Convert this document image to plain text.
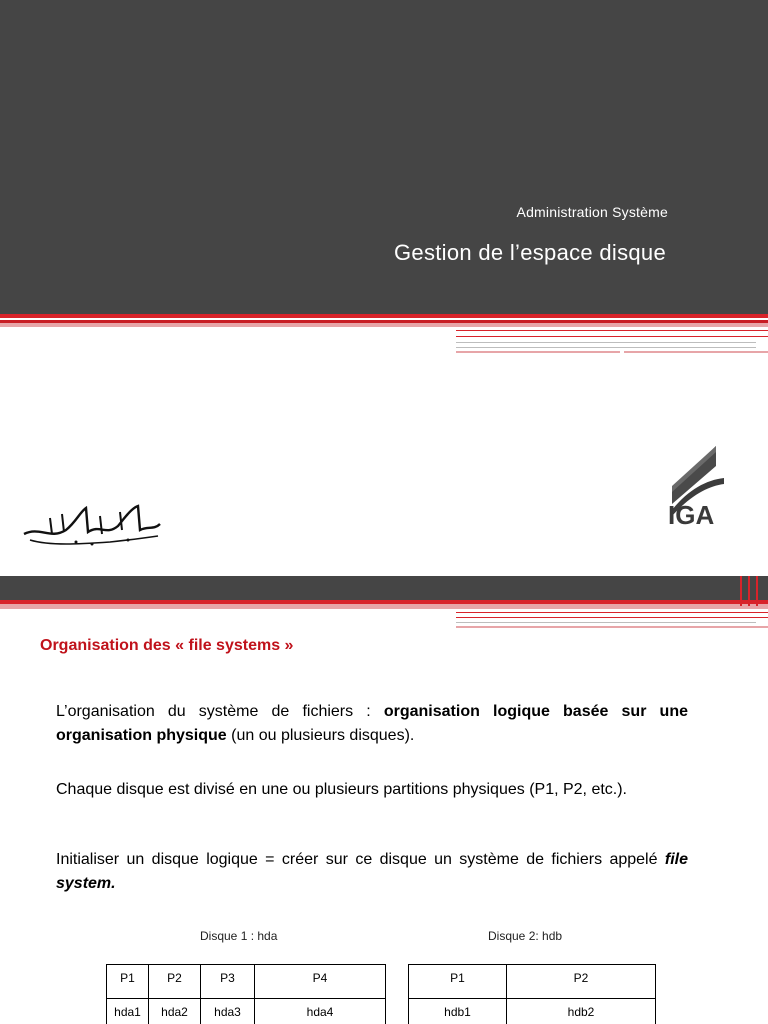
Administration Système
Gestion de l’espace disque
IGA
Organisation des « file systems »
L’organisation du système de fichiers : organisation logique basée sur une organisation physique (un ou plusieurs disques).
Chaque disque est divisé en une ou plusieurs partitions physiques (P1, P2, etc.).
Initialiser un disque logique = créer sur ce disque un système de fichiers appelé file system.
Disque 1 : hda
P1	P2	P3	P4
hda1	hda2	hda3	hda4
Disque 2: hdb
P1	P2
hdb1	hdb2
